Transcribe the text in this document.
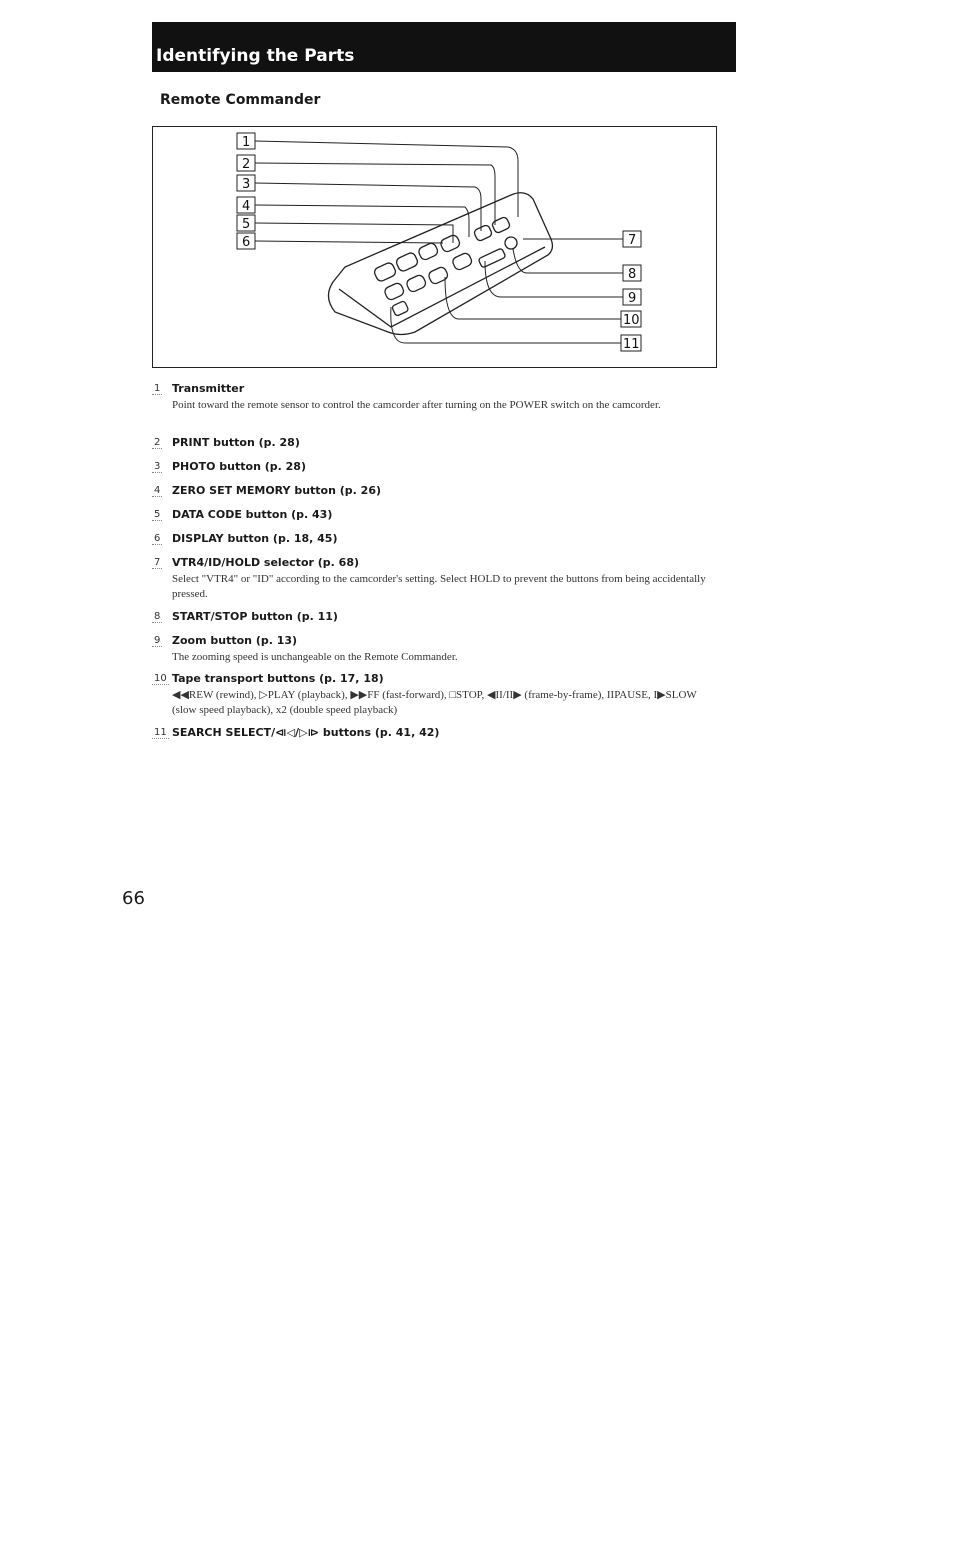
Identifying the Parts
Remote Commander
1
2
3
4
5
6	7
8
9
10
11
1 Transmitter
Point toward the remote sensor to control the camcorder after turning on the POWER switch on the camcorder.
2 PRINT button (p. 28)
3 PHOTO button (p. 28)
4 ZERO SET MEMORY button (p. 26)
5 DATA CODE button (p. 43)
6 DISPLAY button (p. 18, 45)
7 VTR4/ID/HOLD selector (p. 68)
Select "VTR4" or "ID" according to the camcorder's setting. Select HOLD to prevent the buttons from being accidentally pressed.
8 START/STOP button (p. 11)
9 Zoom button (p. 13)
The zooming speed is unchangeable on the Remote Commander.
10 Tape transport buttons (p. 17, 18)
◀◀REW (rewind), ▷PLAY (playback), ▶▶FF (fast-forward), □STOP, ◀II/II▶ (frame-by-frame), IIPAUSE, I▶SLOW (slow speed playback), x2 (double speed playback)
11 SEARCH SELECT/⧏◁/▷⧐ buttons (p. 41, 42)
66
